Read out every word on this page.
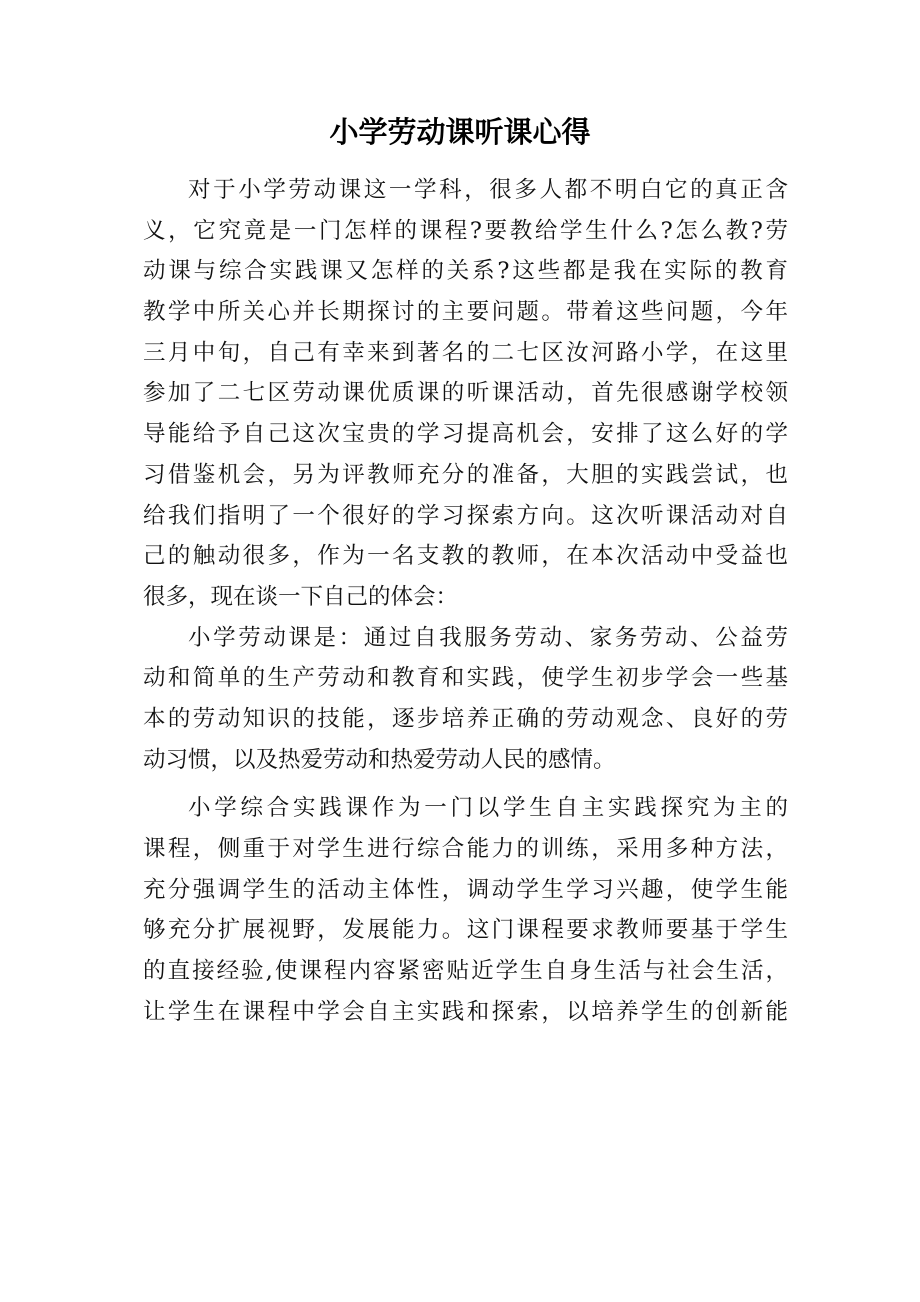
小学劳动课听课心得
对于小学劳动课这一学科，很多人都不明白它的真正含
义，它究竟是一门怎样的课程?要教给学生什么?怎么教?劳
动课与综合实践课又怎样的关系?这些都是我在实际的教育
教学中所关心并长期探讨的主要问题。带着这些问题，今年
三月中旬，自己有幸来到著名的二七区汝河路小学，在这里
参加了二七区劳动课优质课的听课活动，首先很感谢学校领
导能给予自己这次宝贵的学习提高机会，安排了这么好的学
习借鉴机会，另为评教师充分的准备，大胆的实践尝试，也
给我们指明了一个很好的学习探索方向。这次听课活动对自
己的触动很多，作为一名支教的教师，在本次活动中受益也
很多，现在谈一下自己的体会：
小学劳动课是：通过自我服务劳动、家务劳动、公益劳
动和简单的生产劳动和教育和实践，使学生初步学会一些基
本的劳动知识的技能，逐步培养正确的劳动观念、良好的劳
动习惯，以及热爱劳动和热爱劳动人民的感情。
小学综合实践课作为一门以学生自主实践探究为主的
课程，侧重于对学生进行综合能力的训练，采用多种方法，
充分强调学生的活动主体性，调动学生学习兴趣，使学生能
够充分扩展视野，发展能力。这门课程要求教师要基于学生
的直接经验,使课程内容紧密贴近学生自身生活与社会生活，
让学生在课程中学会自主实践和探索，以培养学生的创新能
